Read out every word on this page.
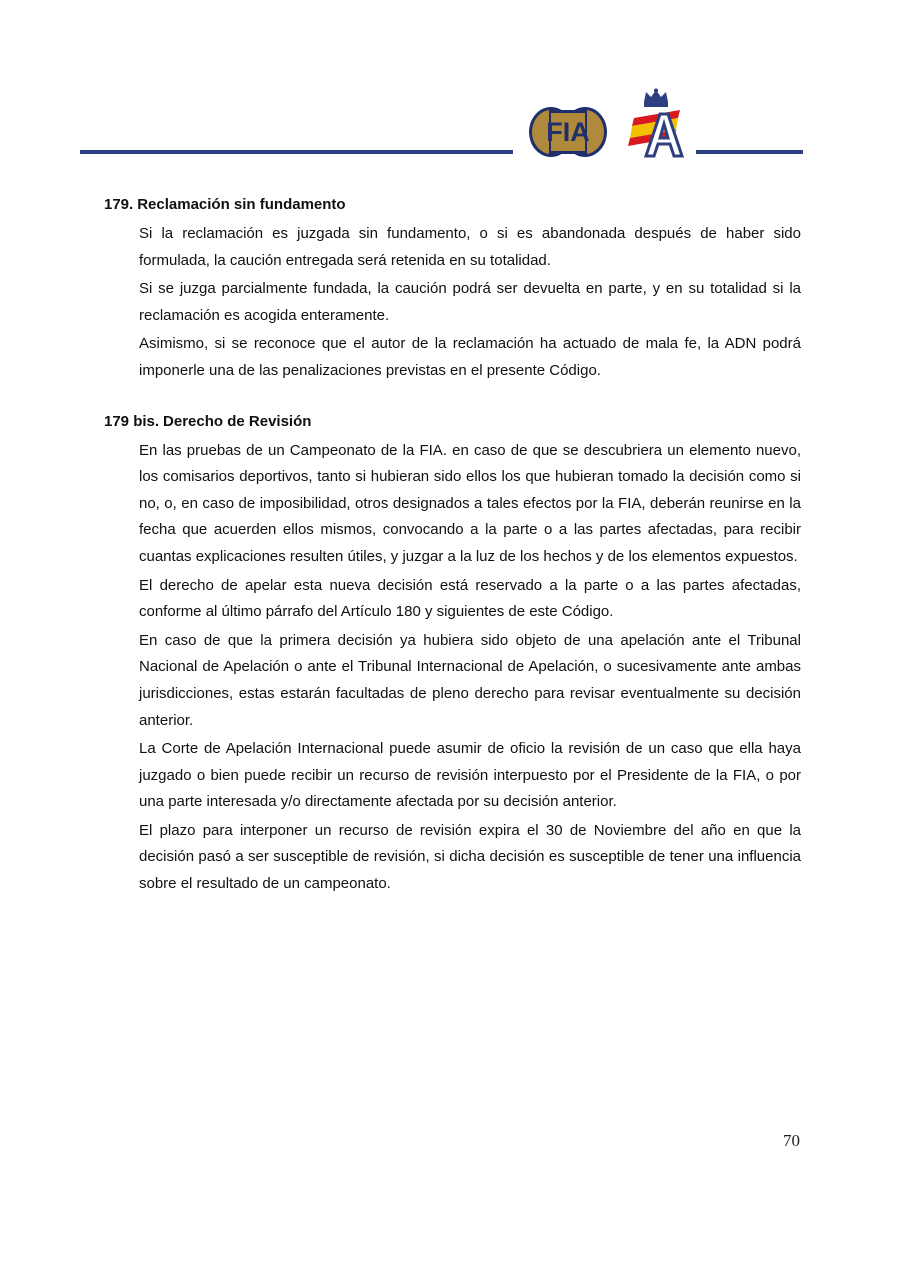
FIA

179. Reclamación sin fundamento

Si la reclamación es juzgada sin fundamento, o si es abandonada después de haber sido formulada, la caución entregada será retenida en su totalidad.

Si se juzga parcialmente fundada, la caución podrá ser devuelta en parte, y en su totalidad si la reclamación es acogida enteramente.

Asimismo, si se reconoce que el autor de la reclamación ha actuado de mala fe, la ADN podrá imponerle una de las penalizaciones previstas en el presente Código.

179 bis. Derecho de Revisión

En las pruebas de un Campeonato de la FIA. en caso de que se descubriera un elemento nuevo, los comisarios deportivos, tanto si hubieran sido ellos los que hubieran tomado la decisión como si no, o, en caso de imposibilidad, otros designados a tales efectos por la FIA, deberán reunirse en la fecha que acuerden ellos mismos, convocando a la parte o a las partes afectadas, para recibir cuantas explicaciones resulten útiles, y juzgar a la luz de los hechos y de los elementos expuestos.

El derecho de apelar esta nueva decisión está reservado a la parte o a las partes afectadas, conforme al último párrafo del Artículo 180 y siguientes de este Código.

En caso de que la primera decisión ya hubiera sido objeto de una apelación ante el Tribunal Nacional de Apelación o ante el Tribunal Internacional de Apelación, o sucesivamente ante ambas jurisdicciones, estas estarán facultadas de pleno derecho para revisar eventualmente su decisión anterior.

La Corte de Apelación Internacional puede asumir de oficio la revisión de un caso que ella haya juzgado o bien puede recibir un recurso de revisión interpuesto por el Presidente de la FIA, o por una parte interesada y/o directamente afectada por su decisión anterior.

El plazo para interponer un recurso de revisión expira el 30 de Noviembre del año en que la decisión pasó a ser susceptible de revisión, si dicha decisión es susceptible de tener una influencia sobre el resultado de un campeonato.

70
